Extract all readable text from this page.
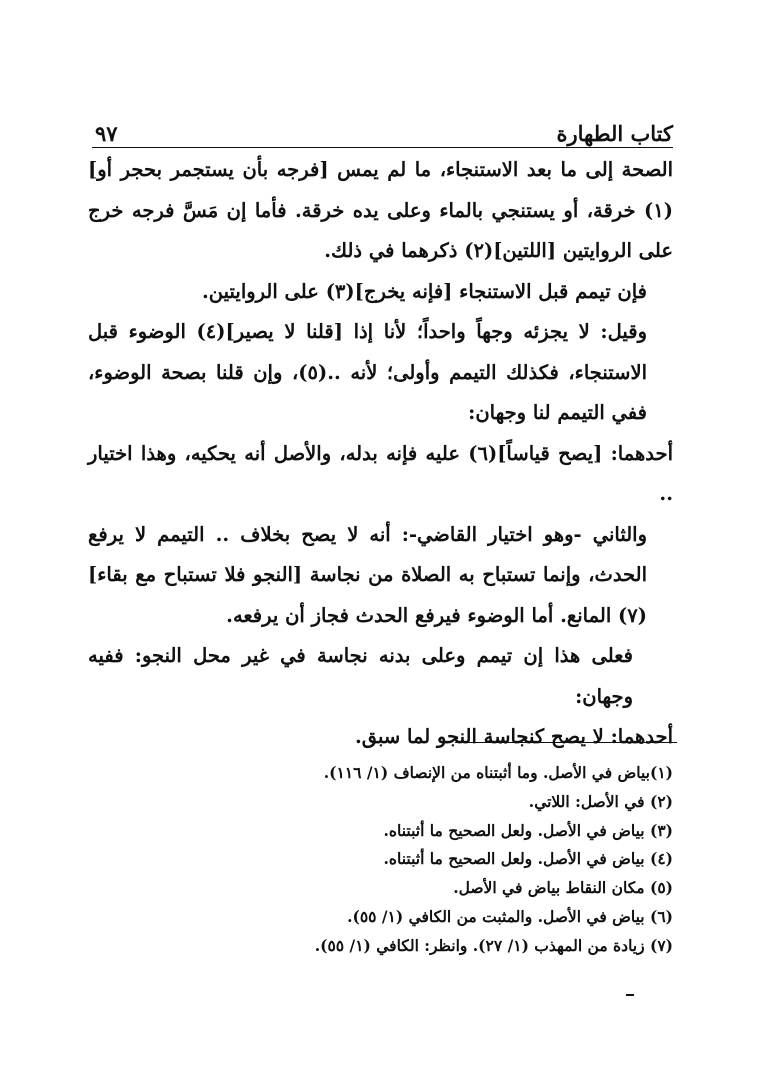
كتاب الطهارة
٩٧

الصحة إلى ما بعد الاستنجاء، ما لم يمس [فرجه بأن يستجمر بحجر أو](١) خرقة، أو يستنجي بالماء وعلى يده خرقة. فأما إن مَسَّ فرجه خرج على الروايتين [اللتين](٢) ذكرهما في ذلك.

فإن تيمم قبل الاستنجاء [فإنه يخرج](٣) على الروايتين.

وقيل: لا يجزئه وجهاً واحداً؛ لأنا إذا [قلنا لا يصير](٤) الوضوء قبل الاستنجاء، فكذلك التيمم وأولى؛ لأنه ..(٥)، وإن قلنا بصحة الوضوء، ففي التيمم لنا وجهان:

أحدهما: [يصح قياساً](٦) عليه فإنه بدله، والأصل أنه يحكيه، وهذا اختيار ..

والثاني -وهو اختيار القاضي-: أنه لا يصح بخلاف .. التيمم لا يرفع الحدث، وإنما تستباح به الصلاة من نجاسة [النجو فلا تستباح مع بقاء](٧) المانع. أما الوضوء فيرفع الحدث فجاز أن يرفعه.

فعلى هذا إن تيمم وعلى بدنه نجاسة في غير محل النجو: ففيه وجهان:

أحدهما: لا يصح كنجاسة النجو لما سبق.

(١)بياض في الأصل. وما أثبتناه من الإنصاف (١/ ١١٦).
(٢) في الأصل: اللاتي.
(٣) بياض في الأصل. ولعل الصحيح ما أثبتناه.
(٤) بياض في الأصل. ولعل الصحيح ما أثبتناه.
(٥) مكان النقاط بياض في الأصل.
(٦) بياض في الأصل. والمثبت من الكافي (١/ ٥٥).
(٧) زيادة من المهذب (١/ ٢٧). وانظر: الكافي (١/ ٥٥).
